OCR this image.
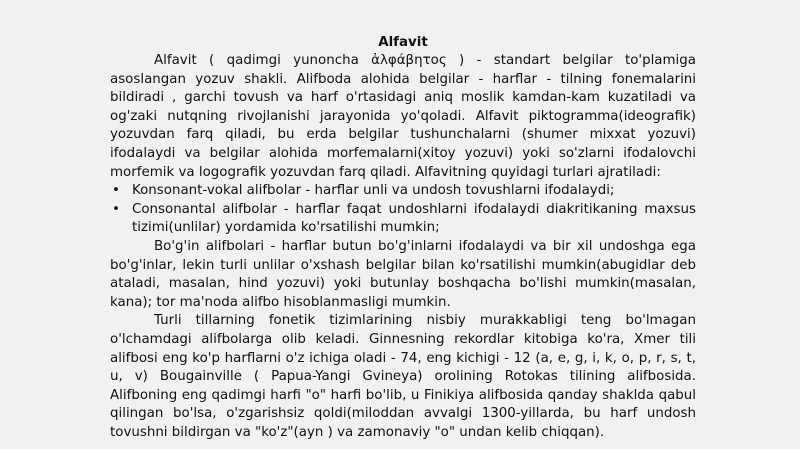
Alfavit

Alfavit ( qadimgi yunoncha ἀλφάβητος ) - standart belgilar to'plamiga asoslangan yozuv shakli. Alifboda alohida belgilar - harflar - tilning fonemalarini bildiradi , garchi tovush va harf o'rtasidagi aniq moslik kamdan-kam kuzatiladi va og'zaki nutqning rivojlanishi jarayonida yo'qoladi. Alfavit piktogramma(ideografik) yozuvdan farq qiladi, bu erda belgilar tushunchalarni (shumer mixxat yozuvi) ifodalaydi va belgilar alohida morfemalarni(xitoy yozuvi) yoki so'zlarni ifodalovchi morfemik va logografik yozuvdan farq qiladi. Alfavitning quyidagi turlari ajratiladi:

• Konsonant-vokal alifbolar - harflar unli va undosh tovushlarni ifodalaydi;
• Consonantal alifbolar - harflar faqat undoshlarni ifodalaydi diakritikaning maxsus tizimi(unlilar) yordamida ko'rsatilishi mumkin;

Bo'g'in alifbolari - harflar butun bo'g'inlarni ifodalaydi va bir xil undoshga ega bo'g'inlar, lekin turli unlilar o'xshash belgilar bilan ko'rsatilishi mumkin(abugidlar deb ataladi, masalan, hind yozuvi) yoki butunlay boshqacha bo'lishi mumkin(masalan, kana); tor ma'noda alifbo hisoblanmasligi mumkin.

Turli tillarning fonetik tizimlarining nisbiy murakkabligi teng bo'lmagan o'lchamdagi alifbolarga olib keladi. Ginnesning rekordlar kitobiga ko'ra, Xmer tili alifbosi eng ko'p harflarni o'z ichiga oladi - 74, eng kichigi - 12 (a, e, g, i, k, o, p, r, s, t, u, v) Bougainville ( Papua-Yangi Gvineya) orolining Rotokas tilining alifbosida. Alifboning eng qadimgi harfi "o" harfi bo'lib, u Finikiya alifbosida qanday shaklda qabul qilingan bo'lsa, o'zgarishsiz qoldi(miloddan avvalgi 1300-yillarda, bu harf undosh tovushni bildirgan va "ko'z"(ayn ) va zamonaviy "o" undan kelib chiqqan).
